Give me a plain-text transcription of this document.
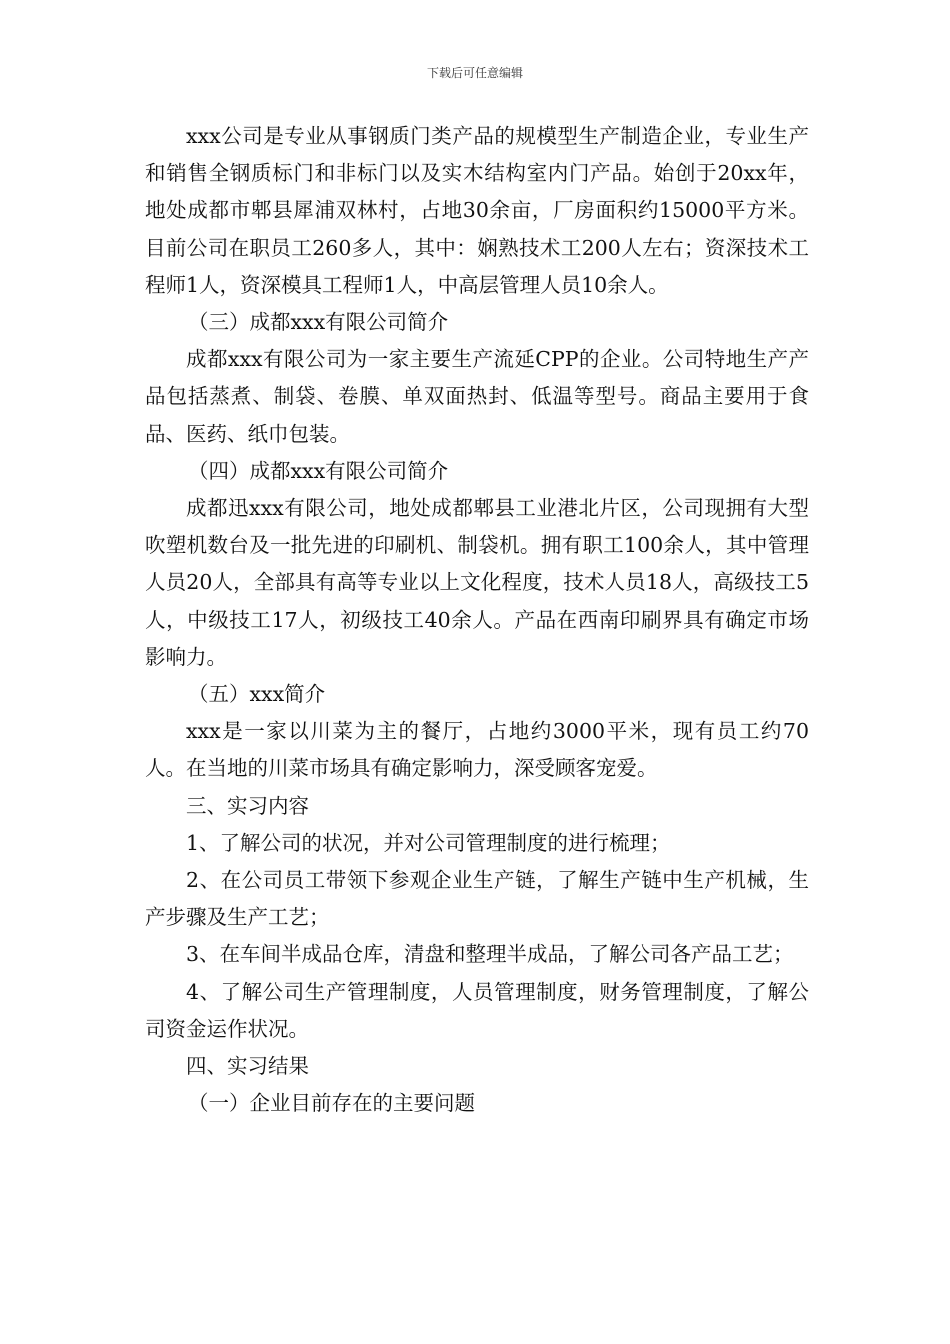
下载后可任意编辑

xxx公司是专业从事钢质门类产品的规模型生产制造企业，专业生产和销售全钢质标门和非标门以及实木结构室内门产品。始创于20xx年，地处成都市郫县犀浦双林村，占地30余亩，厂房面积约15000平方米。目前公司在职员工260多人，其中：娴熟技术工200人左右；资深技术工程师1人，资深模具工程师1人，中高层管理人员10余人。

（三）成都xxx有限公司简介

成都xxx有限公司为一家主要生产流延CPP的企业。公司特地生产产品包括蒸煮、制袋、卷膜、单双面热封、低温等型号。商品主要用于食品、医药、纸巾包装。

（四）成都xxx有限公司简介

成都迅xxx有限公司，地处成都郫县工业港北片区，公司现拥有大型吹塑机数台及一批先进的印刷机、制袋机。拥有职工100余人，其中管理人员20人，全部具有高等专业以上文化程度，技术人员18人，高级技工5人，中级技工17人，初级技工40余人。产品在西南印刷界具有确定市场影响力。

（五）xxx简介

xxx是一家以川菜为主的餐厅，占地约3000平米，现有员工约70人。在当地的川菜市场具有确定影响力，深受顾客宠爱。

三、实习内容

1、了解公司的状况，并对公司管理制度的进行梳理；

2、在公司员工带领下参观企业生产链，了解生产链中生产机械，生产步骤及生产工艺；

3、在车间半成品仓库，清盘和整理半成品，了解公司各产品工艺；

4、了解公司生产管理制度，人员管理制度，财务管理制度，了解公司资金运作状况。

四、实习结果

（一）企业目前存在的主要问题
